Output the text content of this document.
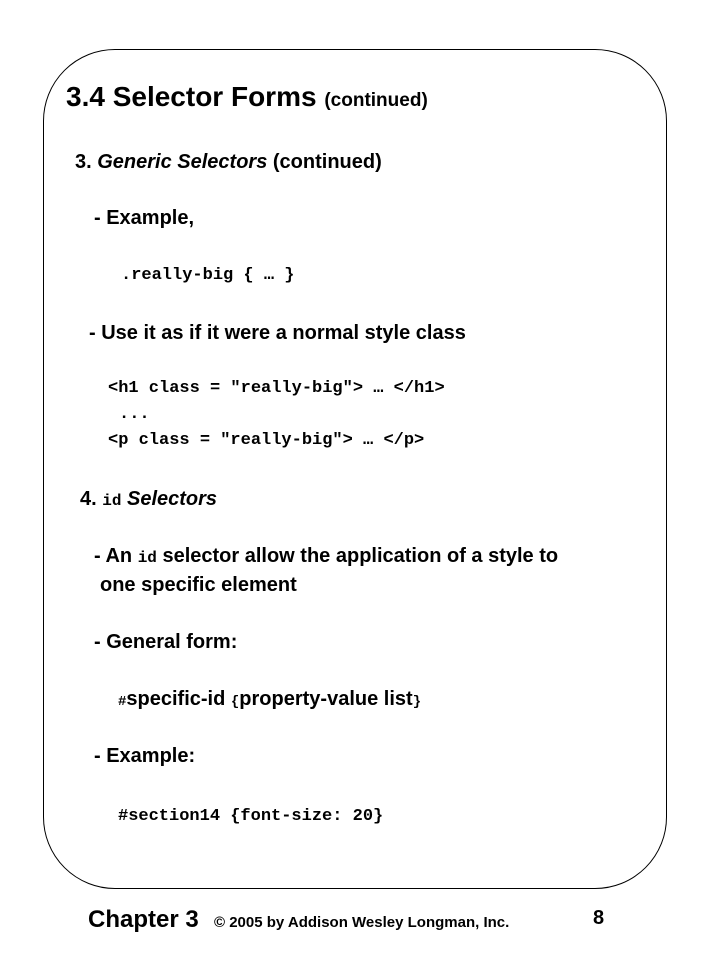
3.4 Selector Forms (continued)
3. Generic Selectors (continued)
- Example,
.really-big { … }
- Use it as if it were a normal style class
<h1 class = "really-big"> … </h1>
...
<p class = "really-big"> … </p>
4. id Selectors
- An id selector allow the application of a style to
one specific element
- General form:
#specific-id {property-value list}
- Example:
#section14 {font-size: 20}
Chapter 3 © 2005 by Addison Wesley Longman, Inc.	8
